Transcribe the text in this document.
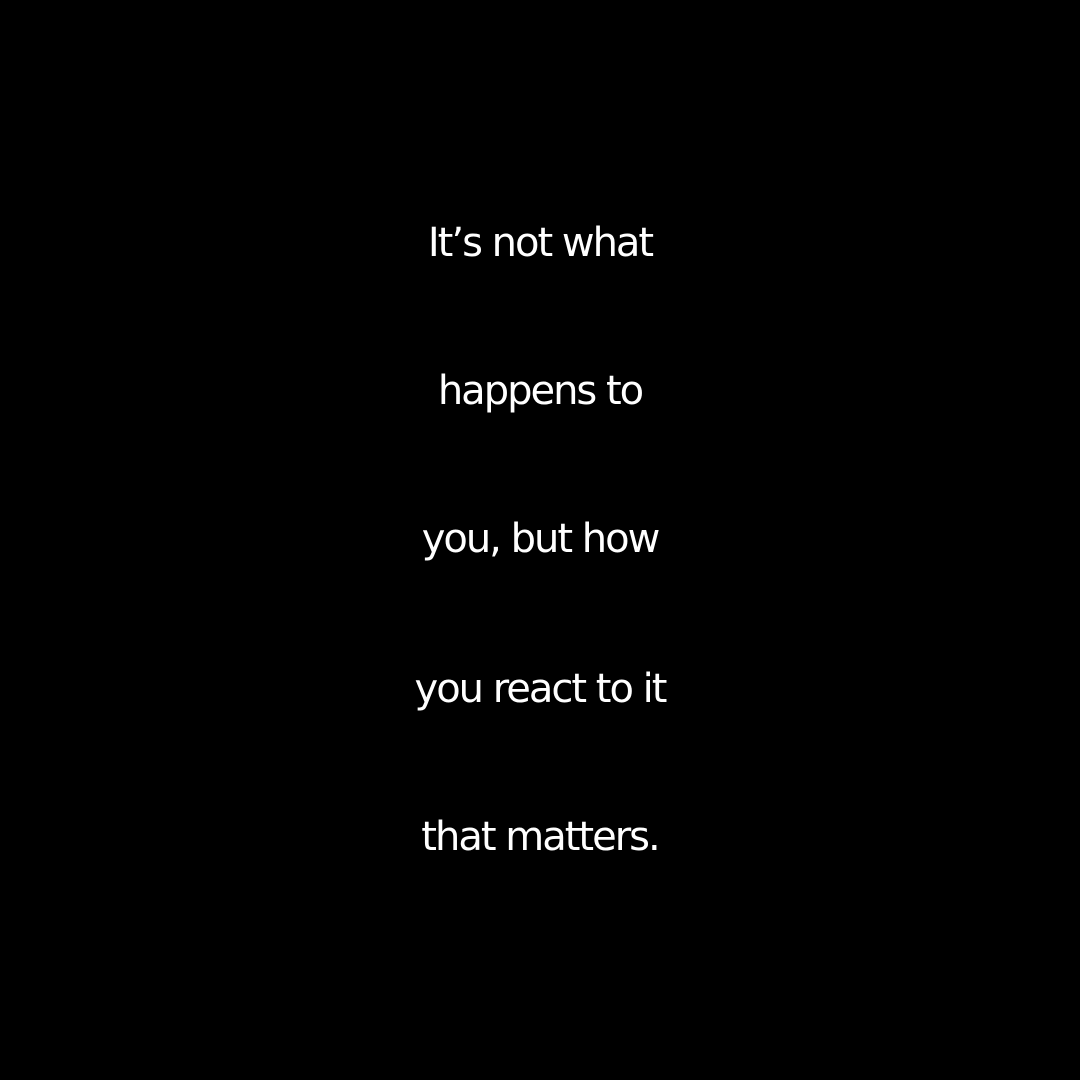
It’s not what
happens to
you, but how
you react to it
that matters.
